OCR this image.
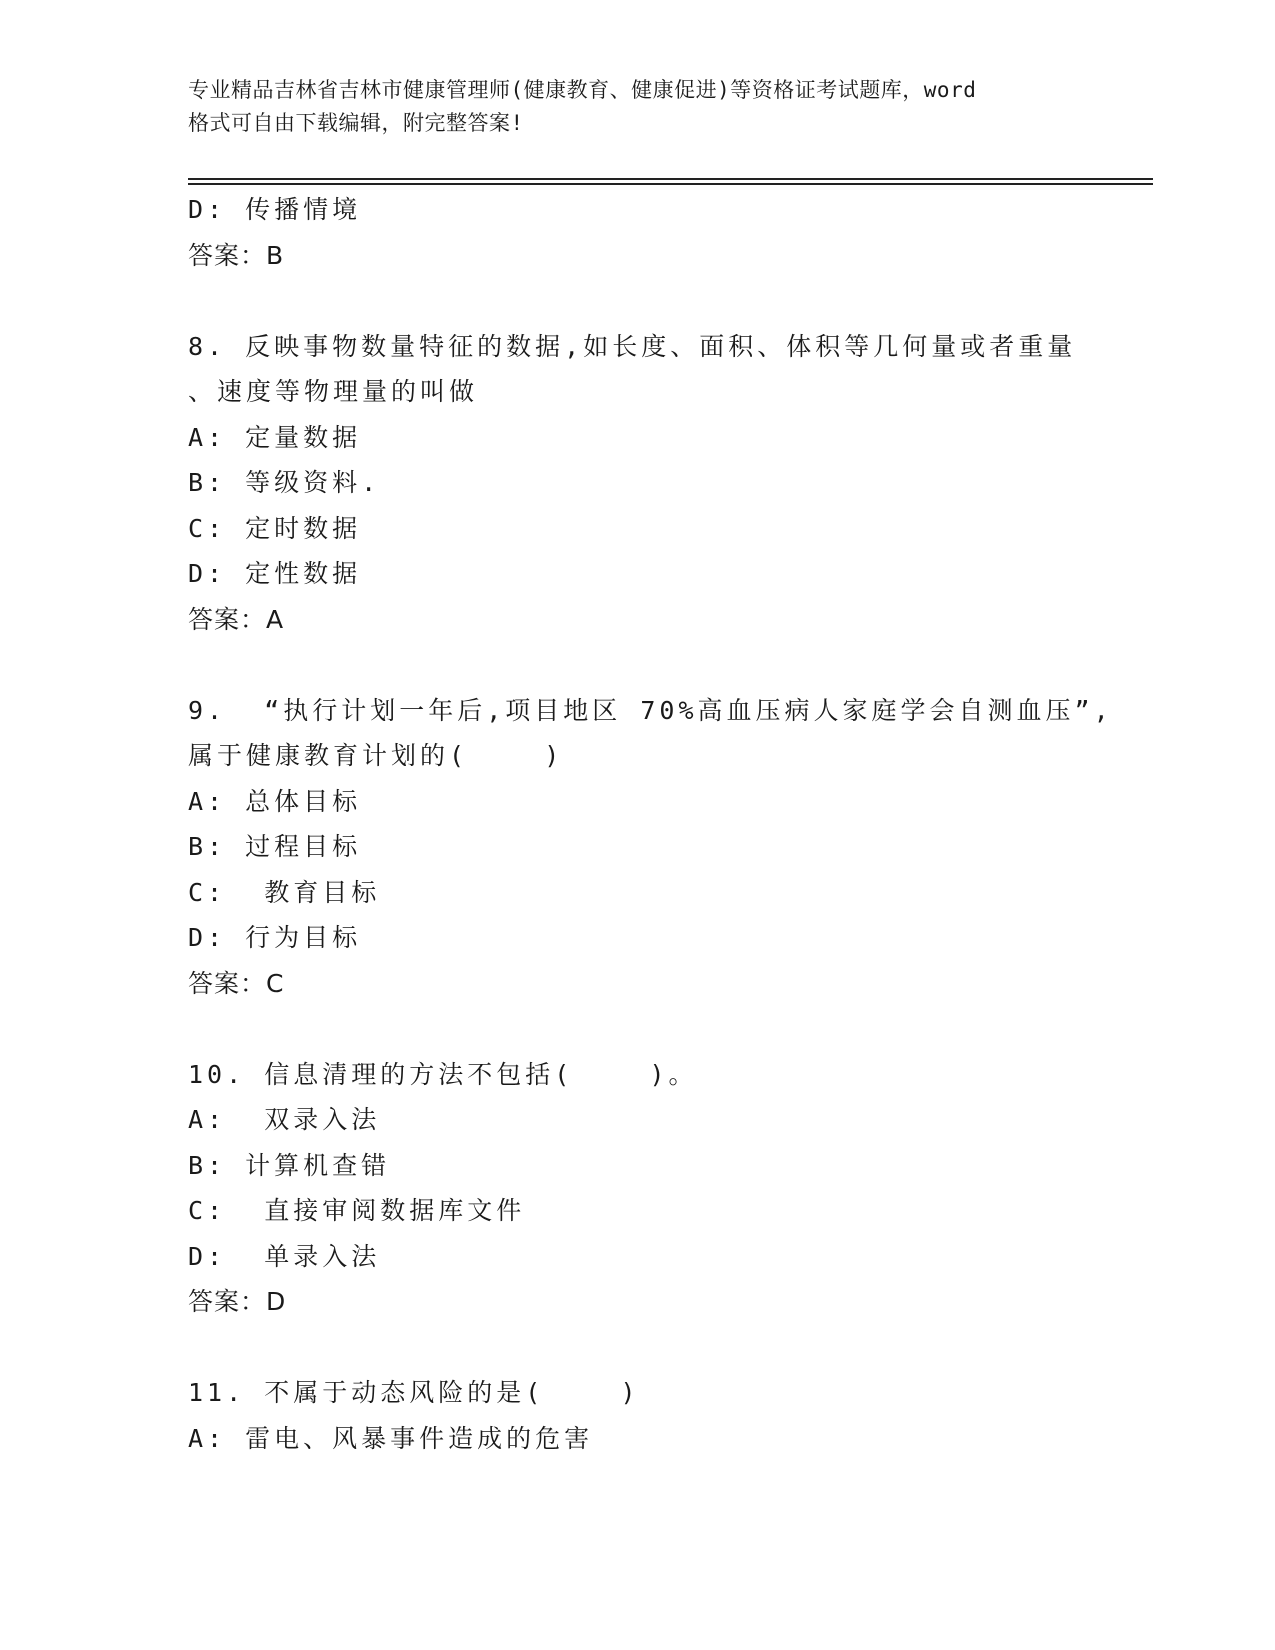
专业精品吉林省吉林市健康管理师(健康教育、健康促进)等资格证考试题库，word
格式可自由下载编辑，附完整答案!
D: 传播情境
答案：B
8. 反映事物数量特征的数据,如长度、面积、体积等几何量或者重量
、速度等物理量的叫做
A: 定量数据
B: 等级资料.
C: 定时数据
D: 定性数据
答案：A
9.  “执行计划一年后,项目地区 70%高血压病人家庭学会自测血压”,
属于健康教育计划的(    )
A: 总体目标
B: 过程目标
C:  教育目标
D: 行为目标
答案：C
10. 信息清理的方法不包括(    )。
A:  双录入法
B: 计算机查错
C:  直接审阅数据库文件
D:  单录入法
答案：D
11. 不属于动态风险的是(    )
A: 雷电、风暴事件造成的危害
